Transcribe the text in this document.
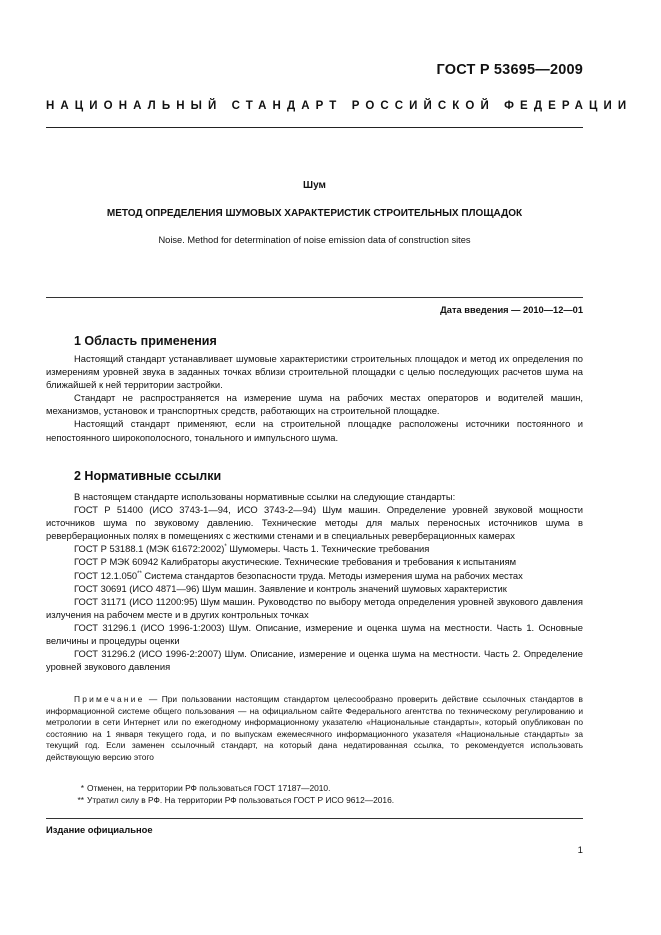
ГОСТ Р 53695—2009
НАЦИОНАЛЬНЫЙ СТАНДАРТ РОССИЙСКОЙ ФЕДЕРАЦИИ
Шум
МЕТОД ОПРЕДЕЛЕНИЯ ШУМОВЫХ ХАРАКТЕРИСТИК СТРОИТЕЛЬНЫХ ПЛОЩАДОК
Noise. Method for determination of noise emission data of construction sites
Дата введения — 2010—12—01
1 Область применения

Настоящий стандарт устанавливает шумовые характеристики строительных площадок и метод их определения по измерениям уровней звука в заданных точках вблизи строительной площадки с целью последующих расчетов шума на ближайшей к ней территории застройки.

Стандарт не распространяется на измерение шума на рабочих местах операторов и водителей машин, механизмов, установок и транспортных средств, работающих на строительной площадке.

Настоящий стандарт применяют, если на строительной площадке расположены источники постоянного и непостоянного широкополосного, тонального и импульсного шума.

2 Нормативные ссылки

В настоящем стандарте использованы нормативные ссылки на следующие стандарты:

ГОСТ Р 51400 (ИСО 3743-1—94, ИСО 3743-2—94) Шум машин. Определение уровней звуковой мощности источников шума по звуковому давлению. Технические методы для малых переносных источников шума в реверберационных полях в помещениях с жесткими стенами и в специальных реверберационных камерах

ГОСТ Р 53188.1 (МЭК 61672:2002)* Шумомеры. Часть 1. Технические требования

ГОСТ Р МЭК 60942 Калибраторы акустические. Технические требования и требования к испытаниям

ГОСТ 12.1.050** Система стандартов безопасности труда. Методы измерения шума на рабочих местах

ГОСТ 30691 (ИСО 4871—96) Шум машин. Заявление и контроль значений шумовых характеристик

ГОСТ 31171 (ИСО 11200:95) Шум машин. Руководство по выбору метода определения уровней звукового давления излучения на рабочем месте и в других контрольных точках

ГОСТ 31296.1 (ИСО 1996-1:2003) Шум. Описание, измерение и оценка шума на местности. Часть 1. Основные величины и процедуры оценки

ГОСТ 31296.2 (ИСО 1996-2:2007) Шум. Описание, измерение и оценка шума на местности. Часть 2. Определение уровней звукового давления

Примечание — При пользовании настоящим стандартом целесообразно проверить действие ссылочных стандартов в информационной системе общего пользования — на официальном сайте Федерального агентства по техническому регулированию и метрологии в сети Интернет или по ежегодному информационному указателю «Национальные стандарты», который опубликован по состоянию на 1 января текущего года, и по выпускам ежемесячного информационного указателя «Национальные стандарты» за текущий год. Если заменен ссылочный стандарт, на который дана недатированная ссылка, то рекомендуется использовать действующую версию этого

* Отменен, на территории РФ пользоваться ГОСТ 17187—2010.
** Утратил силу в РФ. На территории РФ пользоваться ГОСТ Р ИСО 9612—2016.
Издание официальное
1
